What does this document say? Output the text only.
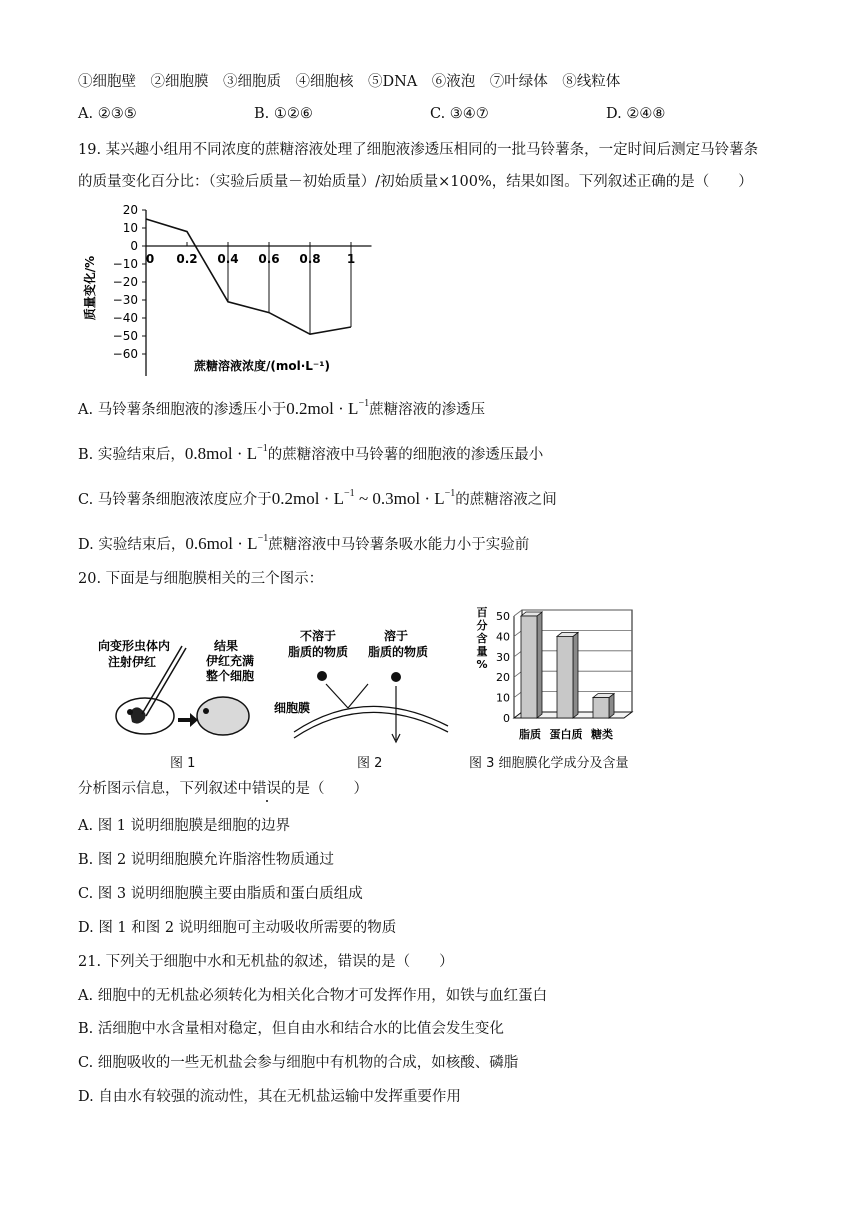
①细胞壁　②细胞膜　③细胞质　④细胞核　⑤DNA　⑥液泡　⑦叶绿体　⑧线粒体
A. ②③⑤	B. ①②⑥	C. ③④⑦	D. ②④⑧
19. 某兴趣小组用不同浓度的蔗糖溶液处理了细胞液渗透压相同的一批马铃薯条，一定时间后测定马铃薯条
的质量变化百分比：（实验后质量－初始质量）/初始质量×100%，结果如图。下列叙述正确的是（　　）
20
10
0
−10
−20
−30
−40
−50
−60
0 0.2 0.4 0.6 0.8 1
蔗糖溶液浓度/(mol·L⁻¹)
质量变化/%
A. 马铃薯条细胞液的渗透压小于$0.2mol \cdot L^{-1}$蔗糖溶液的渗透压
B. 实验结束后，$0.8mol \cdot L^{-1}$的蔗糖溶液中马铃薯的细胞液的渗透压最小
C. 马铃薯条细胞液浓度应介于$0.2mol \cdot L^{-1}$ ~ $0.3mol \cdot L^{-1}$的蔗糖溶液之间
D. 实验结束后，$0.6mol \cdot L^{-1}$蔗糖溶液中马铃薯条吸水能力小于实验前
20. 下面是与细胞膜相关的三个图示：
向变形虫体内
注射伊红
结果
伊红充满
整个细胞
图 1
不溶于
脂质的物质
溶于
脂质的物质
细胞膜
图 2
0
10
20
30
40
50
脂质 蛋白质 糖类
百分含量%
图 3 细胞膜化学成分及含量
分析图示信息，下列叙述中错误的是（　　）
A. 图 1 说明细胞膜是细胞的边界
B. 图 2 说明细胞膜允许脂溶性物质通过
C. 图 3 说明细胞膜主要由脂质和蛋白质组成
D. 图 1 和图 2 说明细胞可主动吸收所需要的物质
21. 下列关于细胞中水和无机盐的叙述，错误的是（　　）
A. 细胞中的无机盐必须转化为相关化合物才可发挥作用，如铁与血红蛋白
B. 活细胞中水含量相对稳定，但自由水和结合水的比值会发生变化
C. 细胞吸收的一些无机盐会参与细胞中有机物的合成，如核酸、磷脂
D. 自由水有较强的流动性，其在无机盐运输中发挥重要作用
